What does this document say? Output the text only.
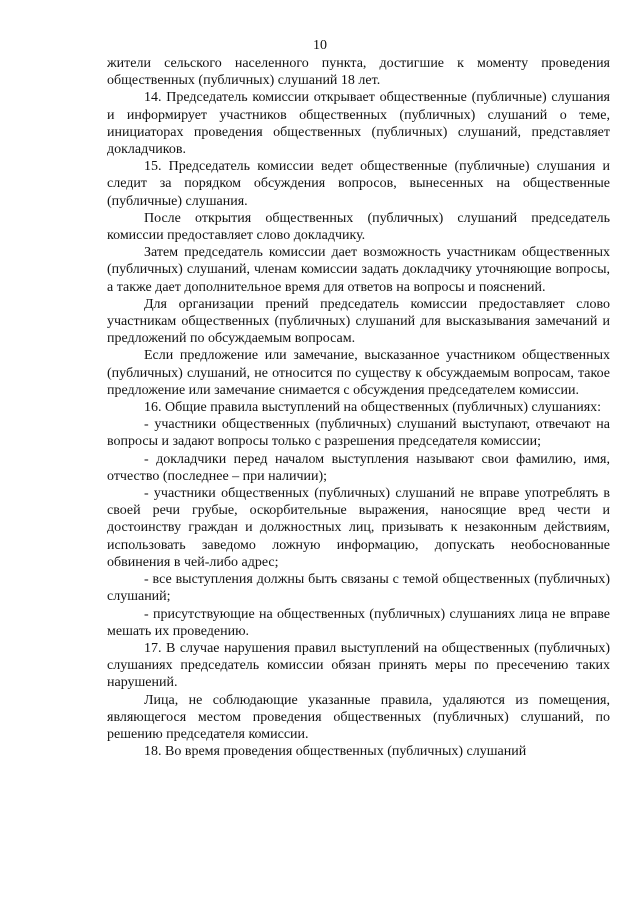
10

жители сельского населенного пункта, достигшие к моменту проведения общественных (публичных) слушаний 18 лет.

14. Председатель комиссии открывает общественные (публичные) слушания и информирует участников общественных (публичных) слушаний о теме, инициаторах проведения общественных (публичных) слушаний, представляет докладчиков.

15. Председатель комиссии ведет общественные (публичные) слушания и следит за порядком обсуждения вопросов, вынесенных на общественные (публичные) слушания.

После открытия общественных (публичных) слушаний председатель комиссии предоставляет слово докладчику.

Затем председатель комиссии дает возможность участникам общественных (публичных) слушаний, членам комиссии задать докладчику уточняющие вопросы, а также дает дополнительное время для ответов на вопросы и пояснений.

Для организации прений председатель комиссии предоставляет слово участникам общественных (публичных) слушаний для высказывания замечаний и предложений по обсуждаемым вопросам.

Если предложение или замечание, высказанное участником общественных (публичных) слушаний, не относится по существу к обсуждаемым вопросам, такое предложение или замечание снимается с обсуждения председателем комиссии.

16. Общие правила выступлений на общественных (публичных) слушаниях:

- участники общественных (публичных) слушаний выступают, отвечают на вопросы и задают вопросы только с разрешения председателя комиссии;

- докладчики перед началом выступления называют свои фамилию, имя, отчество (последнее – при наличии);

- участники общественных (публичных) слушаний не вправе употреблять в своей речи грубые, оскорбительные выражения, наносящие вред чести и достоинству граждан и должностных лиц, призывать к незаконным действиям, использовать заведомо ложную информацию, допускать необоснованные обвинения в чей-либо адрес;

- все выступления должны быть связаны с темой общественных (публичных) слушаний;

- присутствующие на общественных (публичных) слушаниях лица не вправе мешать их проведению.

17. В случае нарушения правил выступлений на общественных (публичных) слушаниях председатель комиссии обязан принять меры по пресечению таких нарушений.

Лица, не соблюдающие указанные правила, удаляются из помещения, являющегося местом проведения общественных (публичных) слушаний, по решению председателя комиссии.

18. Во время проведения общественных (публичных) слушаний
